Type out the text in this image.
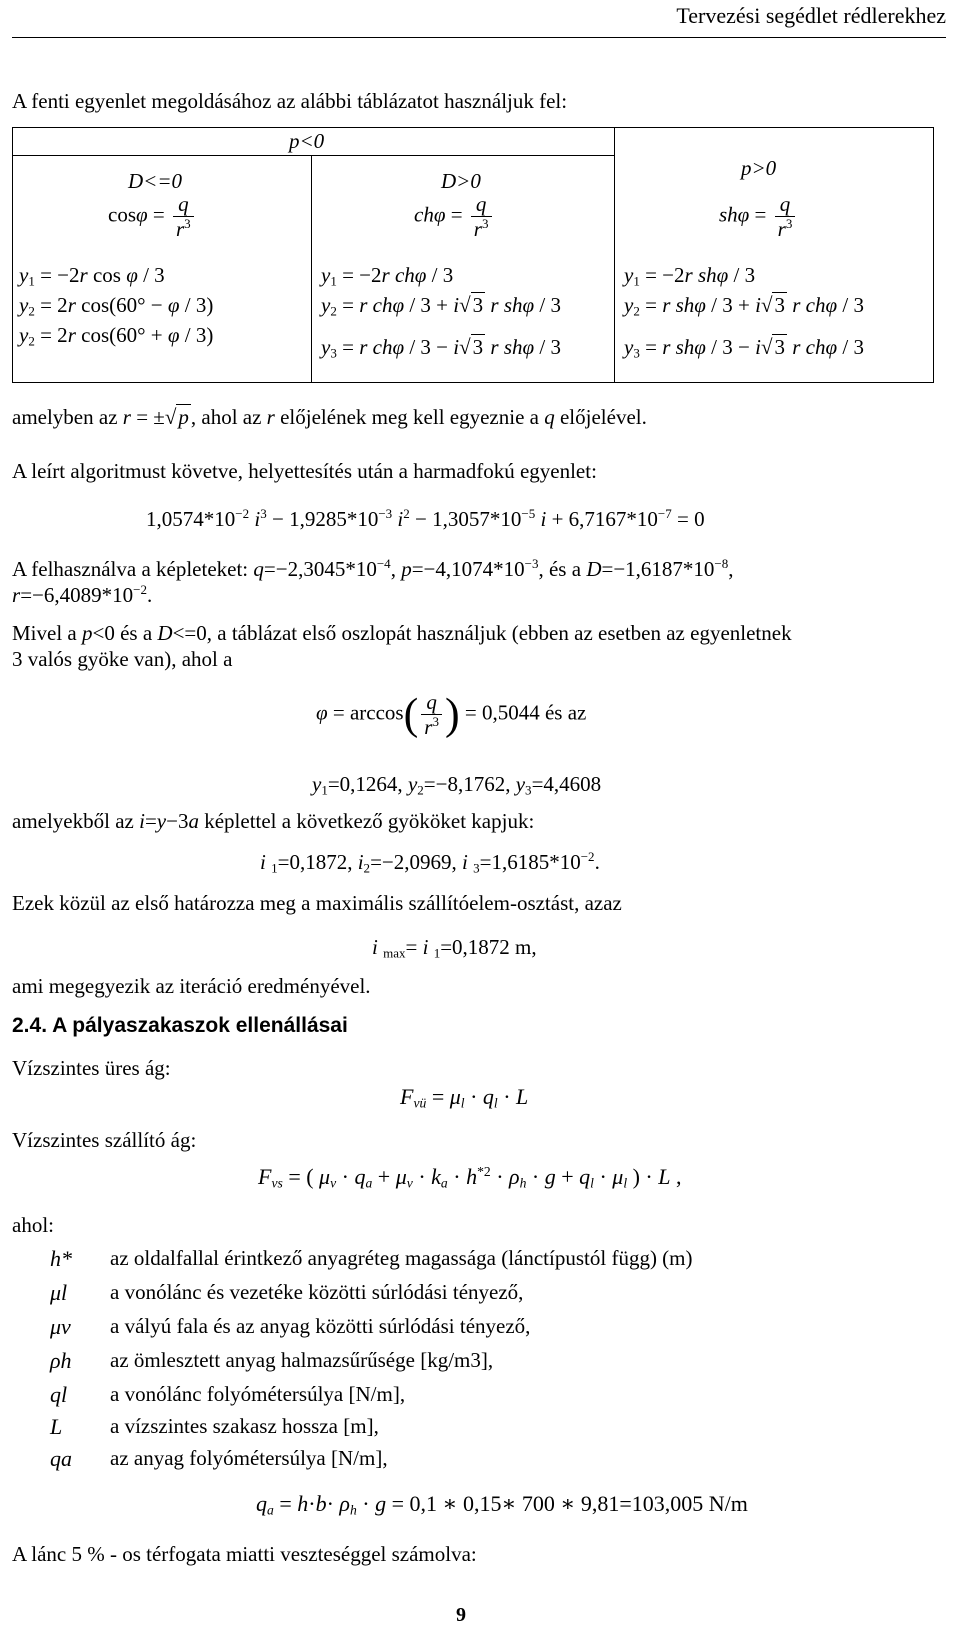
Tervezési segédlet rédlerekhez
A fenti egyenlet megoldásához az alábbi táblázatot használjuk fel:
p<0
D<=0	D>0
p>0
$\cos\varphi = \frac{q}{r^3}$
$y_1 = -2r$ cos φ / 3
$y_2 = 2r$ cos(60° − φ / 3)
$y_2 = 2r$ cos(60° + φ / 3)
$ch\varphi = \frac{q}{r^3}$
$y_1 = -2r$ chφ / 3
$y_2 = r$ chφ / 3 + i√3 r shφ / 3
$y_3 = r$ chφ / 3 − i√3 r shφ / 3
$sh\varphi = \frac{q}{r^3}$
$y_1 = -2r$ shφ / 3
$y_2 = r$ shφ / 3 + i√3 r chφ / 3
$y_3 = r$ shφ / 3 − i√3 r chφ / 3
amelyben az r = ±√p, ahol az r előjelének meg kell egyeznie a q előjelével.
A leírt algoritmust követve, helyettesítés után a harmadfokú egyenlet:
$1,0574*10^{-2}$ $i^3 - 1,9285*10^{-3}$ $i^2 - 1,3057*10^{-5}$ $i + 6,7167*10^{-7} = 0$
A felhasználva a képleteket: $q=-2,3045*10^{-4}$, $p=-4,1074*10^{-3}$, és a $D=-1,6187*10^{-8}$,
$r=-6,4089*10^{-2}$.
Mivel a p<0 és a D<=0, a táblázat első oszlopát használjuk (ebben az esetben az egyenletnek
3 valós gyöke van), ahol a
$\varphi = \arccos( \frac{q}{r^3}$ ) = 0,5044 és az
$y_1=0,1264$, $y_2=-8,1762$, $y_3=4,4608$
amelyekből az i=y−3a képlettel a következő gyököket kapjuk:
i $_1$=0,1872, $i_2=-2,0969$, i $_3=1,6185*10^{-2}$.
Ezek közül az első határozza meg a maximális szállítóelem-osztást, azaz
i $_{max}$= i $_1$=0,1872 m,
ami megegyezik az iteráció eredményével.
2.4. A pályaszakaszok ellenállásai
Vízszintes üres ág:
$F_{vü} = \mu_l \cdot q_l \cdot L$
Vízszintes szállító ág:
$F_{vs}$ = ( $\mu_v \cdot q_a + \mu_v \cdot k_a \cdot h^{*2} \cdot \rho_h \cdot g + q_l \cdot \mu_l$ ) · L ,
ahol:
h* az oldalfallal érintkező anyagréteg magassága (lánctípustól függ) (m)
μl a vonólánc és vezetéke közötti súrlódási tényező,
μv a vályú fala és az anyag közötti súrlódási tényező,
ρh az ömlesztett anyag halmazsűrűsége [kg/m3],
ql a vonólánc folyómétersúlya [N/m],
L a vízszintes szakasz hossza [m],
qa az anyag folyómétersúlya [N/m],
$q_a = h\cdot b\cdot \rho_h \cdot g = 0,1$ ∗ 0,15∗ 700 ∗ 9,81=103,005 N/m
A lánc 5 % - os térfogata miatti veszteséggel számolva:
9
